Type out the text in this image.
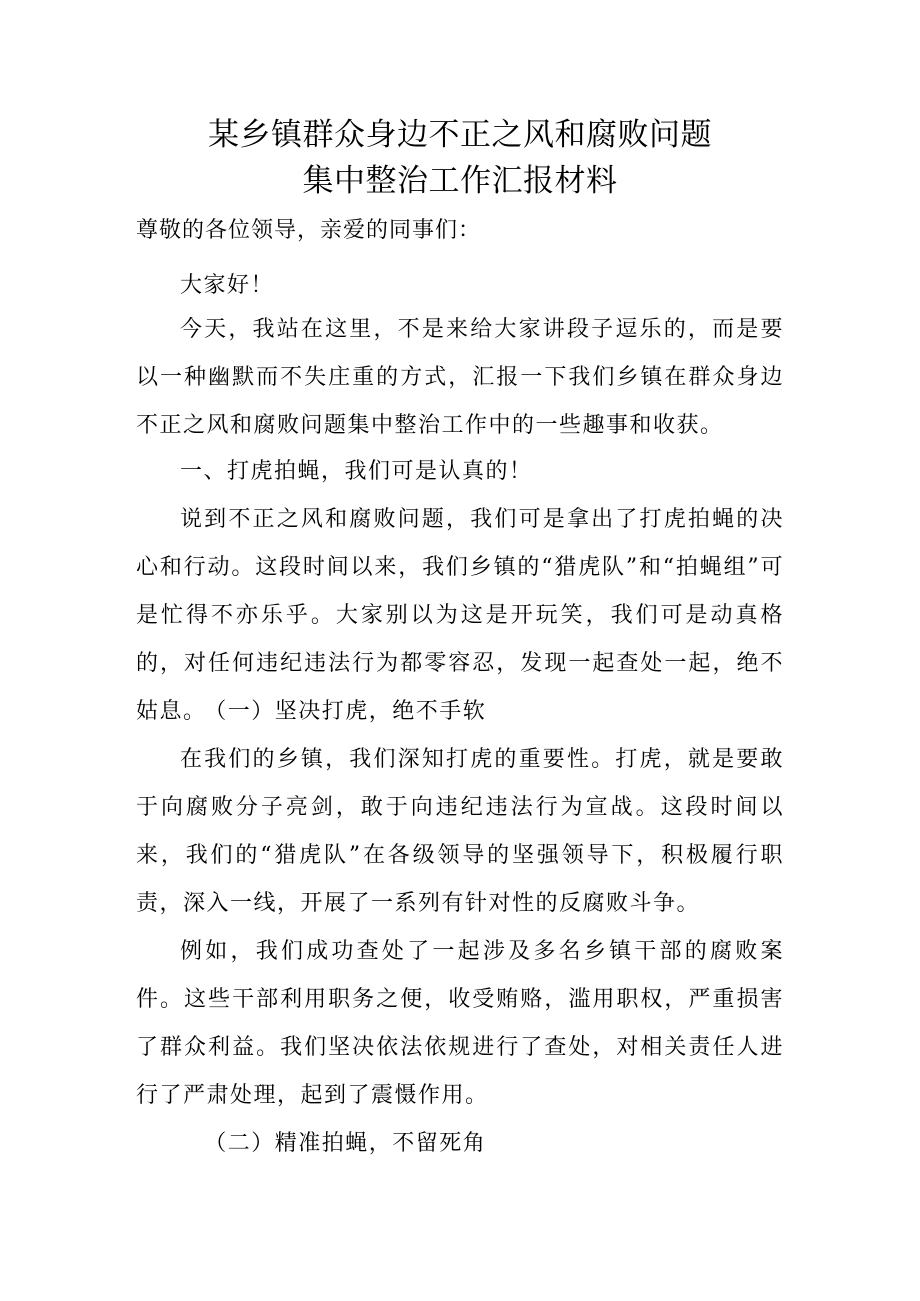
某乡镇群众身边不正之风和腐败问题
集中整治工作汇报材料
尊敬的各位领导，亲爱的同事们：
大家好！
今天，我站在这里，不是来给大家讲段子逗乐的，而是要以一种幽默而不失庄重的方式，汇报一下我们乡镇在群众身边不正之风和腐败问题集中整治工作中的一些趣事和收获。
一、打虎拍蝇，我们可是认真的！
说到不正之风和腐败问题，我们可是拿出了打虎拍蝇的决心和行动。这段时间以来，我们乡镇的“猎虎队”和“拍蝇组”可是忙得不亦乐乎。大家别以为这是开玩笑，我们可是动真格的，对任何违纪违法行为都零容忍，发现一起查处一起，绝不姑息。
（一）坚决打虎，绝不手软
在我们的乡镇，我们深知打虎的重要性。打虎，就是要敢于向腐败分子亮剑，敢于向违纪违法行为宣战。这段时间以来，我们的“猎虎队”在各级领导的坚强领导下，积极履行职责，深入一线，开展了一系列有针对性的反腐败斗争。
例如，我们成功查处了一起涉及多名乡镇干部的腐败案件。这些干部利用职务之便，收受贿赂，滥用职权，严重损害了群众利益。我们坚决依法依规进行了查处，对相关责任人进行了严肃处理，起到了震慑作用。
（二）精准拍蝇，不留死角
